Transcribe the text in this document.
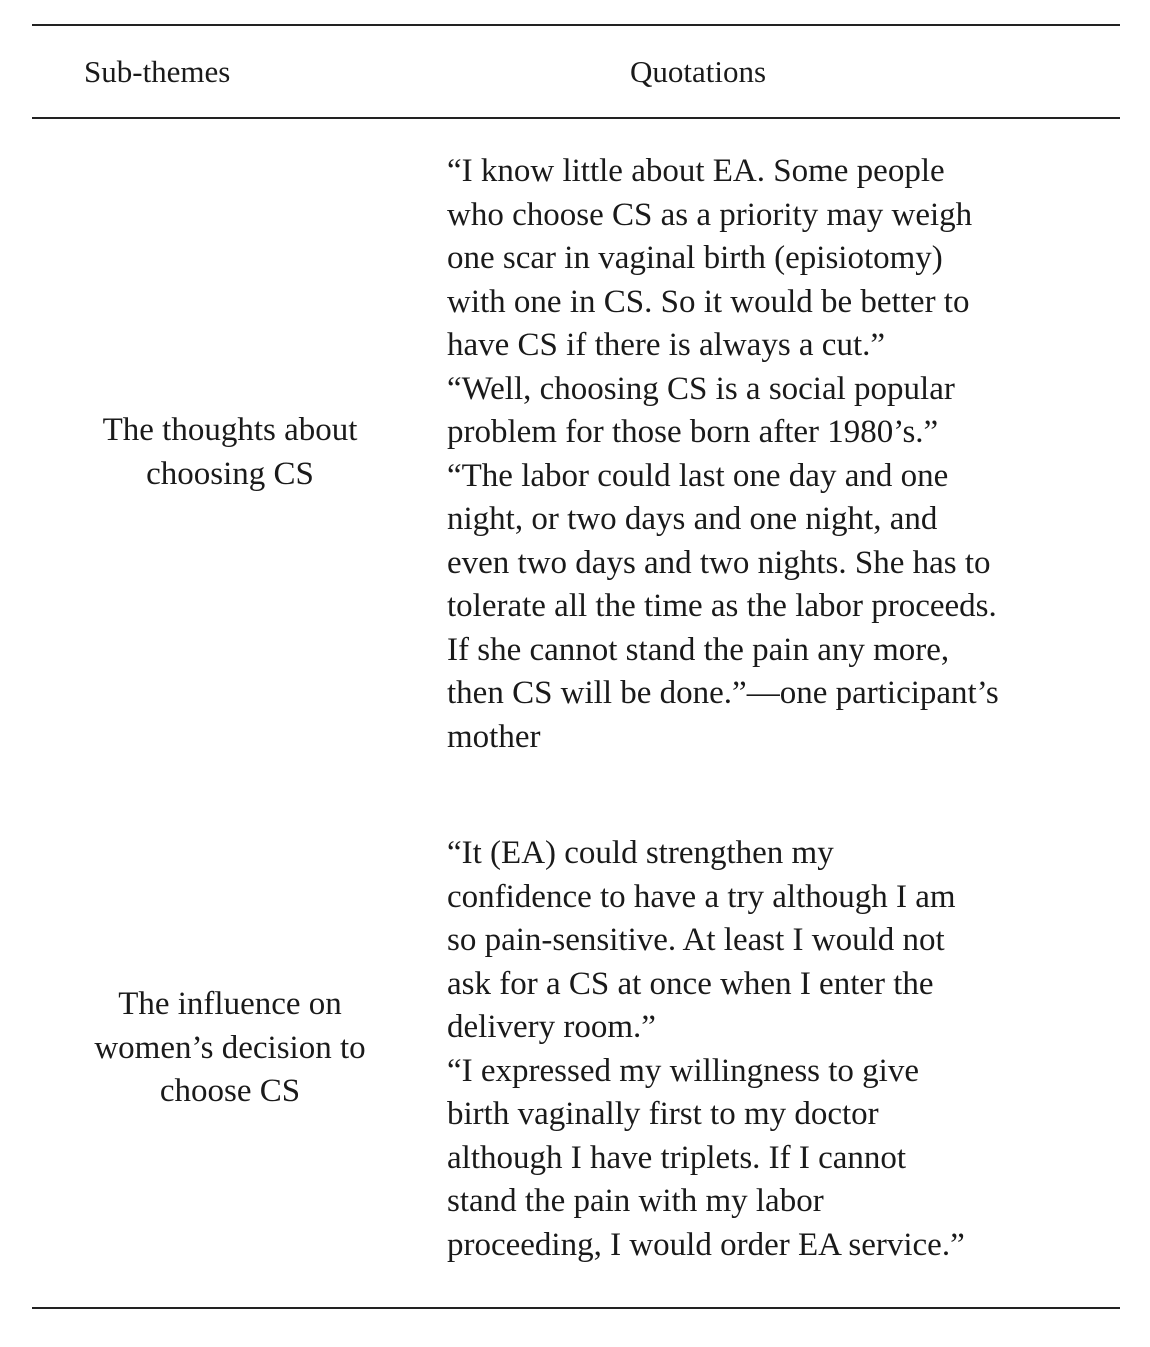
Sub-themes	Quotations
The thoughts about
choosing CS
“I know little about EA. Some people
who choose CS as a priority may weigh
one scar in vaginal birth (episiotomy)
with one in CS. So it would be better to
have CS if there is always a cut.”
“Well, choosing CS is a social popular
problem for those born after 1980’s.”
“The labor could last one day and one
night, or two days and one night, and
even two days and two nights. She has to
tolerate all the time as the labor proceeds.
If she cannot stand the pain any more,
then CS will be done.”—one participant’s
mother
The influence on
women’s decision to
choose CS
“It (EA) could strengthen my
confidence to have a try although I am
so pain-sensitive. At least I would not
ask for a CS at once when I enter the
delivery room.”
“I expressed my willingness to give
birth vaginally first to my doctor
although I have triplets. If I cannot
stand the pain with my labor
proceeding, I would order EA service.”
